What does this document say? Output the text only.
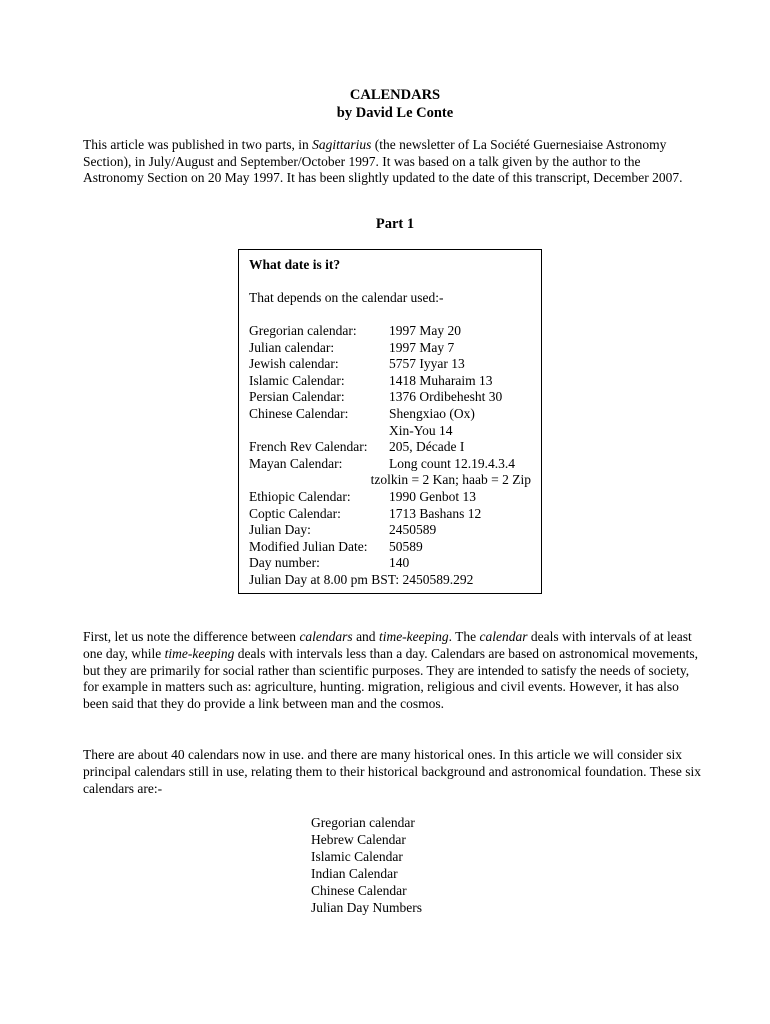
CALENDARS
by David Le Conte
This article was published in two parts, in Sagittarius (the newsletter of La Société Guernesiaise Astronomy Section), in July/August and September/October 1997. It was based on a talk given by the author to the Astronomy Section on 20 May 1997. It has been slightly updated to the date of this transcript, December 2007.
Part 1
What date is it?
That depends on the calendar used:-
Gregorian calendar:	1997 May 20
Julian calendar:	1997 May 7
Jewish calendar:	5757 Iyyar 13
Islamic Calendar:	1418 Muharaim 13
Persian Calendar:	1376 Ordibehesht 30
Chinese Calendar:	Shengxiao (Ox)
Xin-You 14
French Rev Calendar:	205, Décade I
Mayan Calendar:	Long count 12.19.4.3.4
tzolkin = 2 Kan; haab = 2 Zip
Ethiopic Calendar:	1990 Genbot 13
Coptic Calendar:	1713 Bashans 12
Julian Day:	2450589
Modified Julian Date:	50589
Day number:	140
Julian Day at 8.00 pm BST:
2450589.292
First, let us note the difference between calendars and time-keeping. The calendar deals with intervals of at least one day, while time-keeping deals with intervals less than a day. Calendars are based on astronomical movements, but they are primarily for social rather than scientific purposes. They are intended to satisfy the needs of society, for example in matters such as: agriculture, hunting. migration, religious and civil events. However, it has also been said that they do provide a link between man and the cosmos.
There are about 40 calendars now in use. and there are many historical ones. In this article we will consider six principal calendars still in use, relating them to their historical background and astronomical foundation. These six calendars are:-
Gregorian calendar
Hebrew Calendar
Islamic Calendar
Indian Calendar
Chinese Calendar
Julian Day Numbers
